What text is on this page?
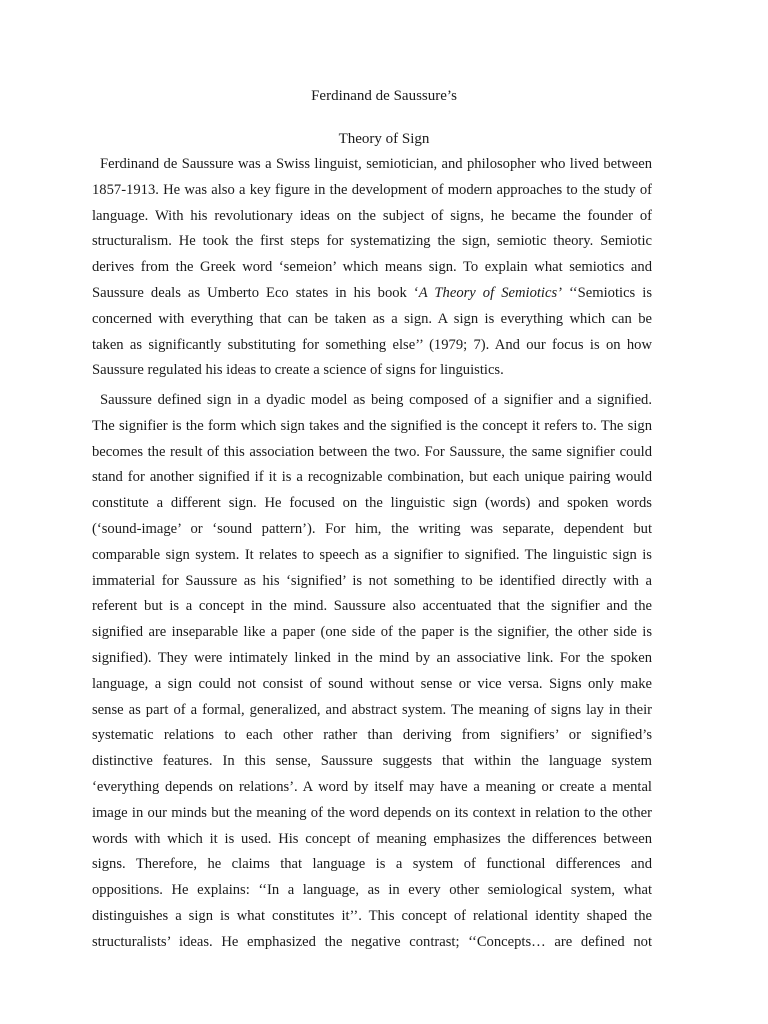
Ferdinand de Saussure’s
Theory of Sign
Ferdinand de Saussure was a Swiss linguist, semiotician, and philosopher who lived between
1857-1913. He was also a key figure in the development of modern approaches to the study of
language. With his revolutionary ideas on the subject of signs, he became the founder of
structuralism. He took the first steps for systematizing the sign, semiotic theory. Semiotic
derives from the Greek word ‘semeion’ which means sign. To explain what semiotics and
Saussure deals as Umberto Eco states in his book ‘A Theory of Semiotics’ ‘‘Semiotics is
concerned with everything that can be taken as a sign. A sign is everything which can be
taken as significantly substituting for something else’’ (1979; 7). And our focus is on how
Saussure regulated his ideas to create a science of signs for linguistics.
Saussure defined sign in a dyadic model as being composed of a signifier and a signified.
The signifier is the form which sign takes and the signified is the concept it refers to. The sign
becomes the result of this association between the two. For Saussure, the same signifier could
stand for another signified if it is a recognizable combination, but each unique pairing would
constitute a different sign. He focused on the linguistic sign (words) and spoken words
(‘sound-image’ or ‘sound pattern’). For him, the writing was separate, dependent but
comparable sign system. It relates to speech as a signifier to signified. The linguistic sign is
immaterial for Saussure as his ‘signified’ is not something to be identified directly with a
referent but is a concept in the mind. Saussure also accentuated that the signifier and the
signified are inseparable like a paper (one side of the paper is the signifier, the other side is
signified). They were intimately linked in the mind by an associative link. For the spoken
language, a sign could not consist of sound without sense or vice versa. Signs only make
sense as part of a formal, generalized, and abstract system. The meaning of signs lay in their
systematic relations to each other rather than deriving from signifiers’ or signified’s
distinctive features. In this sense, Saussure suggests that within the language system
‘everything depends on relations’. A word by itself may have a meaning or create a mental
image in our minds but the meaning of the word depends on its context in relation to the other
words with which it is used. His concept of meaning emphasizes the differences between
signs. Therefore, he claims that language is a system of functional differences and
oppositions. He explains: ‘‘In a language, as in every other semiological system, what
distinguishes a sign is what constitutes it’’. This concept of relational identity shaped the
structuralists’ ideas. He emphasized the negative contrast; ‘‘Concepts… are defined not
